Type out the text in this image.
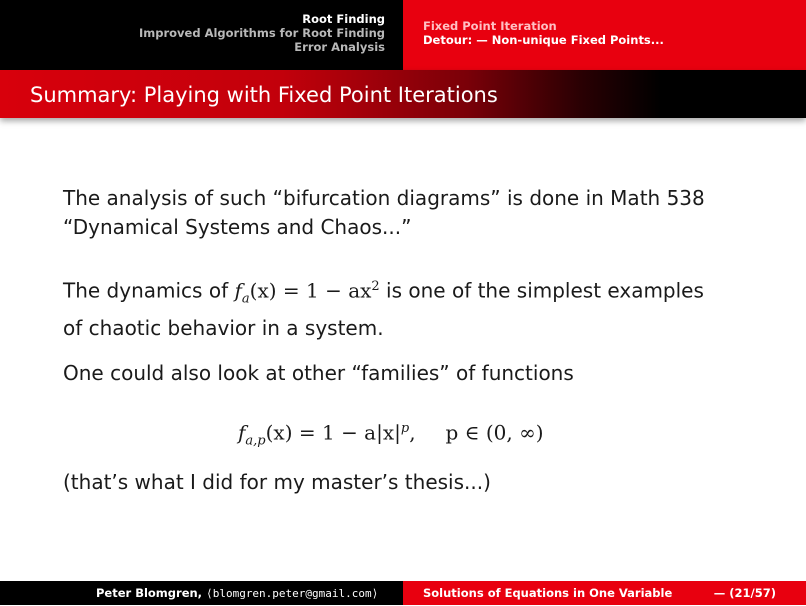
Root Finding
Improved Algorithms for Root Finding
Error Analysis
Fixed Point Iteration
Detour: — Non-unique Fixed Points...
Summary: Playing with Fixed Point Iterations
The analysis of such “bifurcation diagrams” is done in Math 538
“Dynamical Systems and Chaos...”
The dynamics of $f_a(x) = 1 - ax^2$ is one of the simplest examples
of chaotic behavior in a system.
One could also look at other “families” of functions
$f_{a,p}(x) = 1 - a|x|^p$, p ∈ (0, ∞)
(that’s what I did for my master’s thesis...)
Peter Blomgren, ⟨blomgren.peter@gmail.com⟩	Solutions of Equations in One Variable	— (21/57)
